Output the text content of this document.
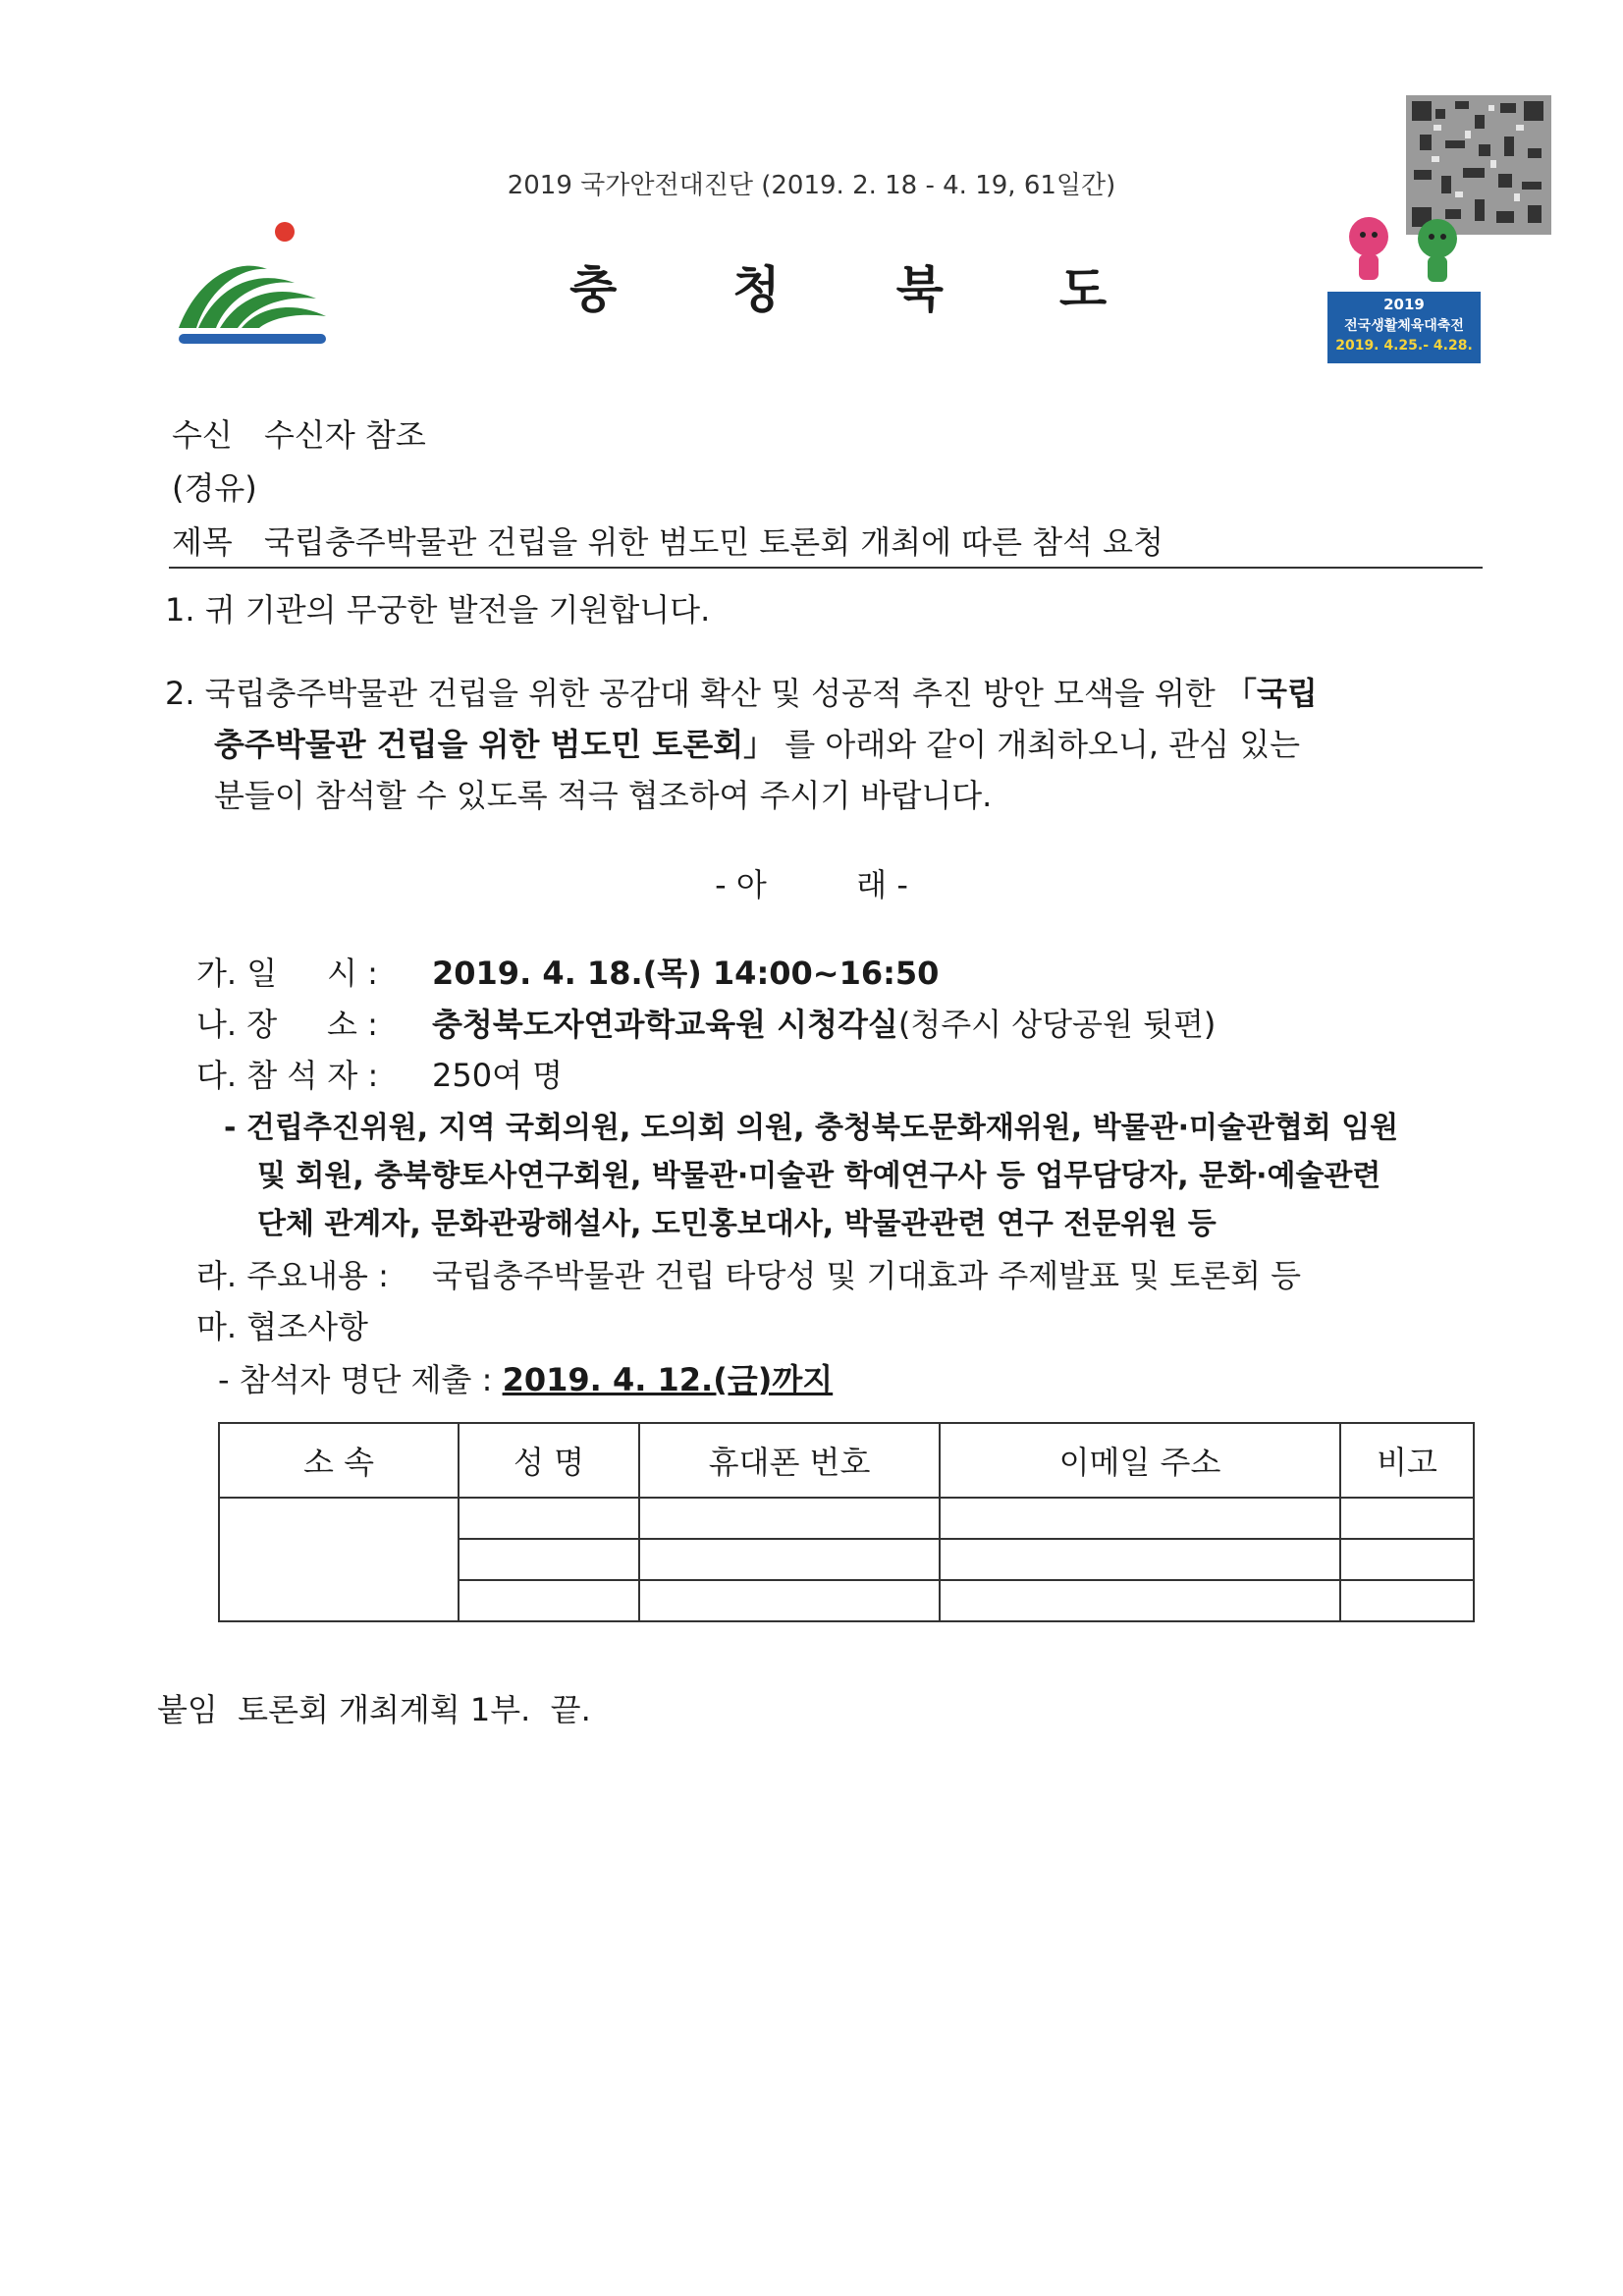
2019 국가안전대진단 (2019. 2. 18 - 4. 19, 61일간)
충청북도	2019
전국생활체육대축전
2019. 4.25.- 4.28.
수신 수신자 참조
(경유)
제목 국립충주박물관 건립을 위한 범도민 토론회 개최에 따른 참석 요청
1. 귀 기관의 무궁한 발전을 기원합니다.
2. 국립충주박물관 건립을 위한 공감대 확산 및 성공적 추진 방안 모색을 위한 「국립
충주박물관 건립을 위한 범도민 토론회」 를 아래와 같이 개최하오니, 관심 있는
분들이 참석할 수 있도록 적극 협조하여 주시기 바랍니다.
- 아         래 -
가. 일     시 : 2019. 4. 18.(목) 14:00~16:50
나. 장     소 : 충청북도자연과학교육원 시청각실(청주시 상당공원 뒷편)
다. 참 석 자 : 250여 명
- 건립추진위원, 지역 국회의원, 도의회 의원, 충청북도문화재위원, 박물관·미술관협회 임원
및 회원, 충북향토사연구회원, 박물관·미술관 학예연구사 등 업무담당자, 문화·예술관련
단체 관계자, 문화관광해설사, 도민홍보대사, 박물관관련 연구 전문위원 등
라. 주요내용 : 국립충주박물관 건립 타당성 및 기대효과 주제발표 및 토론회 등
마. 협조사항
- 참석자 명단 제출 : 2019. 4. 12.(금)까지
소 속	성 명	휴대폰 번호	이메일 주소	비고

붙임  토론회 개최계획 1부.  끝.
